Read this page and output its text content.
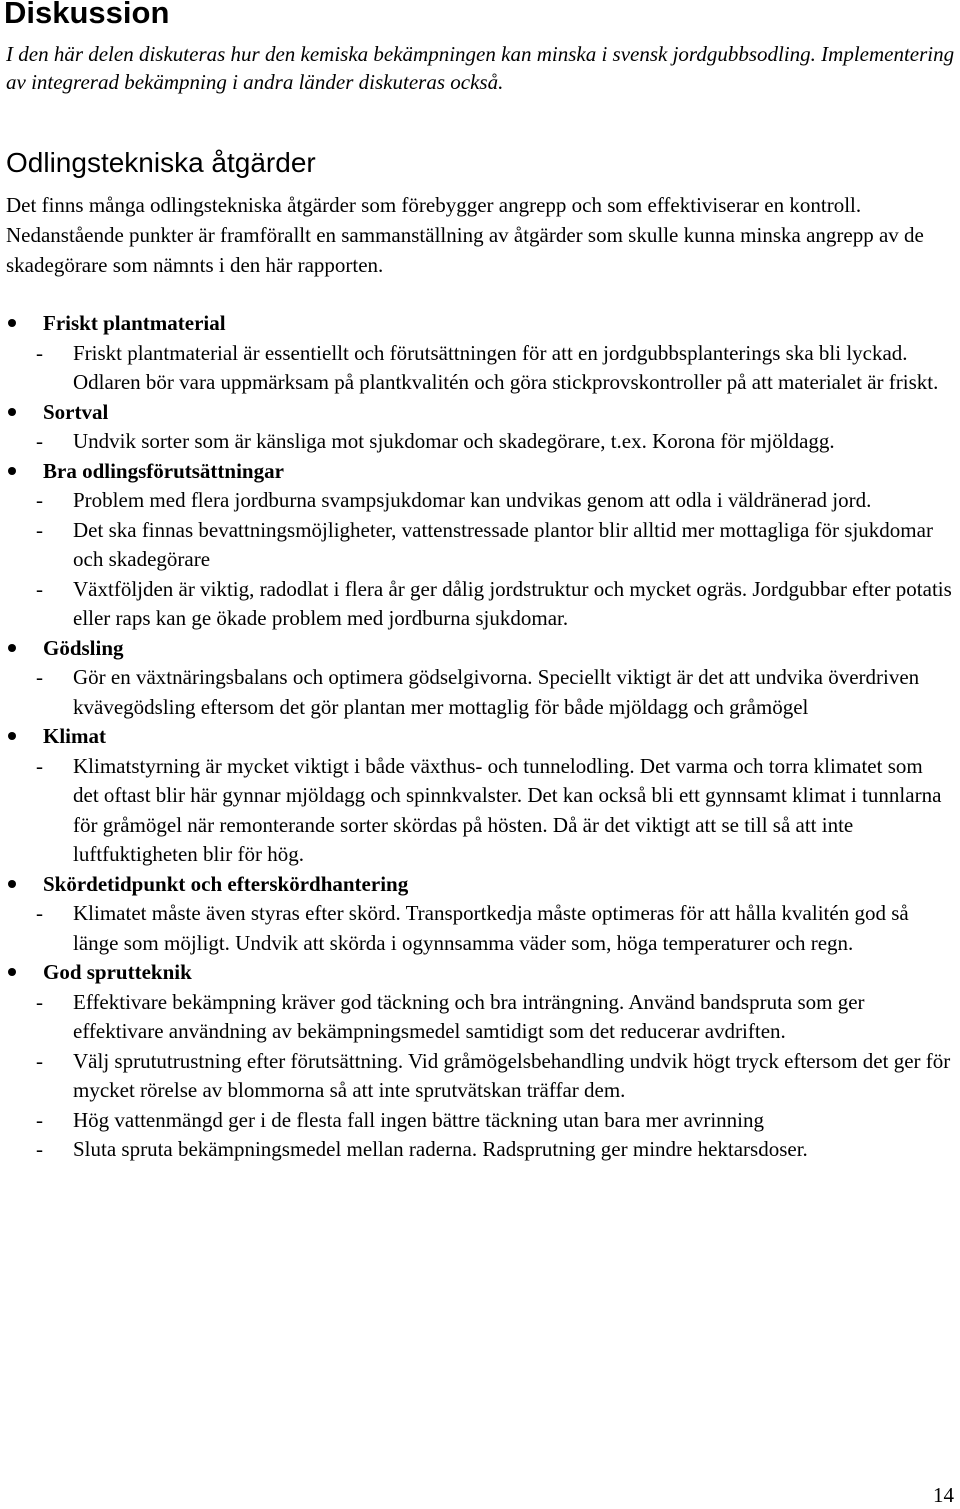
Diskussion

I den här delen diskuteras hur den kemiska bekämpningen kan minska i svensk jordgubbsodling. Implementering av integrerad bekämpning i andra länder diskuteras också.

Odlingstekniska åtgärder

Det finns många odlingstekniska åtgärder som förebygger angrepp och som effektiviserar en kontroll. Nedanstående punkter är framförallt en sammanställning av åtgärder som skulle kunna minska angrepp av de skadegörare som nämnts i den här rapporten.

Friskt plantmaterial
- Friskt plantmaterial är essentiellt och förutsättningen för att en jordgubbsplanterings ska bli lyckad. Odlaren bör vara uppmärksam på plantkvalitén och göra stickprovskontroller på att materialet är friskt.
Sortval
- Undvik sorter som är känsliga mot sjukdomar och skadegörare, t.ex. Korona för mjöldagg.
Bra odlingsförutsättningar
- Problem med flera jordburna svampsjukdomar kan undvikas genom att odla i väldränerad jord.
- Det ska finnas bevattningsmöjligheter, vattenstressade plantor blir alltid mer mottagliga för sjukdomar och skadegörare
- Växtföljden är viktig, radodlat i flera år ger dålig jordstruktur och mycket ogräs. Jordgubbar efter potatis eller raps kan ge ökade problem med jordburna sjukdomar.
Gödsling
- Gör en växtnäringsbalans och optimera gödselgivorna. Speciellt viktigt är det att undvika överdriven kvävegödsling eftersom det gör plantan mer mottaglig för både mjöldagg och gråmögel
Klimat
- Klimatstyrning är mycket viktigt i både växthus- och tunnelodling. Det varma och torra klimatet som det oftast blir här gynnar mjöldagg och spinnkvalster. Det kan också bli ett gynnsamt klimat i tunnlarna för gråmögel när remonterande sorter skördas på hösten. Då är det viktigt att se till så att inte luftfuktigheten blir för hög.
Skördetidpunkt och efterskördhantering
- Klimatet måste även styras efter skörd. Transportkedja måste optimeras för att hålla kvalitén god så länge som möjligt. Undvik att skörda i ogynnsamma väder som, höga temperaturer och regn.
God sprutteknik
- Effektivare bekämpning kräver god täckning och bra inträngning. Använd bandspruta som ger effektivare användning av bekämpningsmedel samtidigt som det reducerar avdriften.
- Välj sprututrustning efter förutsättning. Vid gråmögelsbehandling undvik högt tryck eftersom det ger för mycket rörelse av blommorna så att inte sprutvätskan träffar dem.
- Hög vattenmängd ger i de flesta fall ingen bättre täckning utan bara mer avrinning
- Sluta spruta bekämpningsmedel mellan raderna. Radsprutning ger mindre hektarsdoser.
14
